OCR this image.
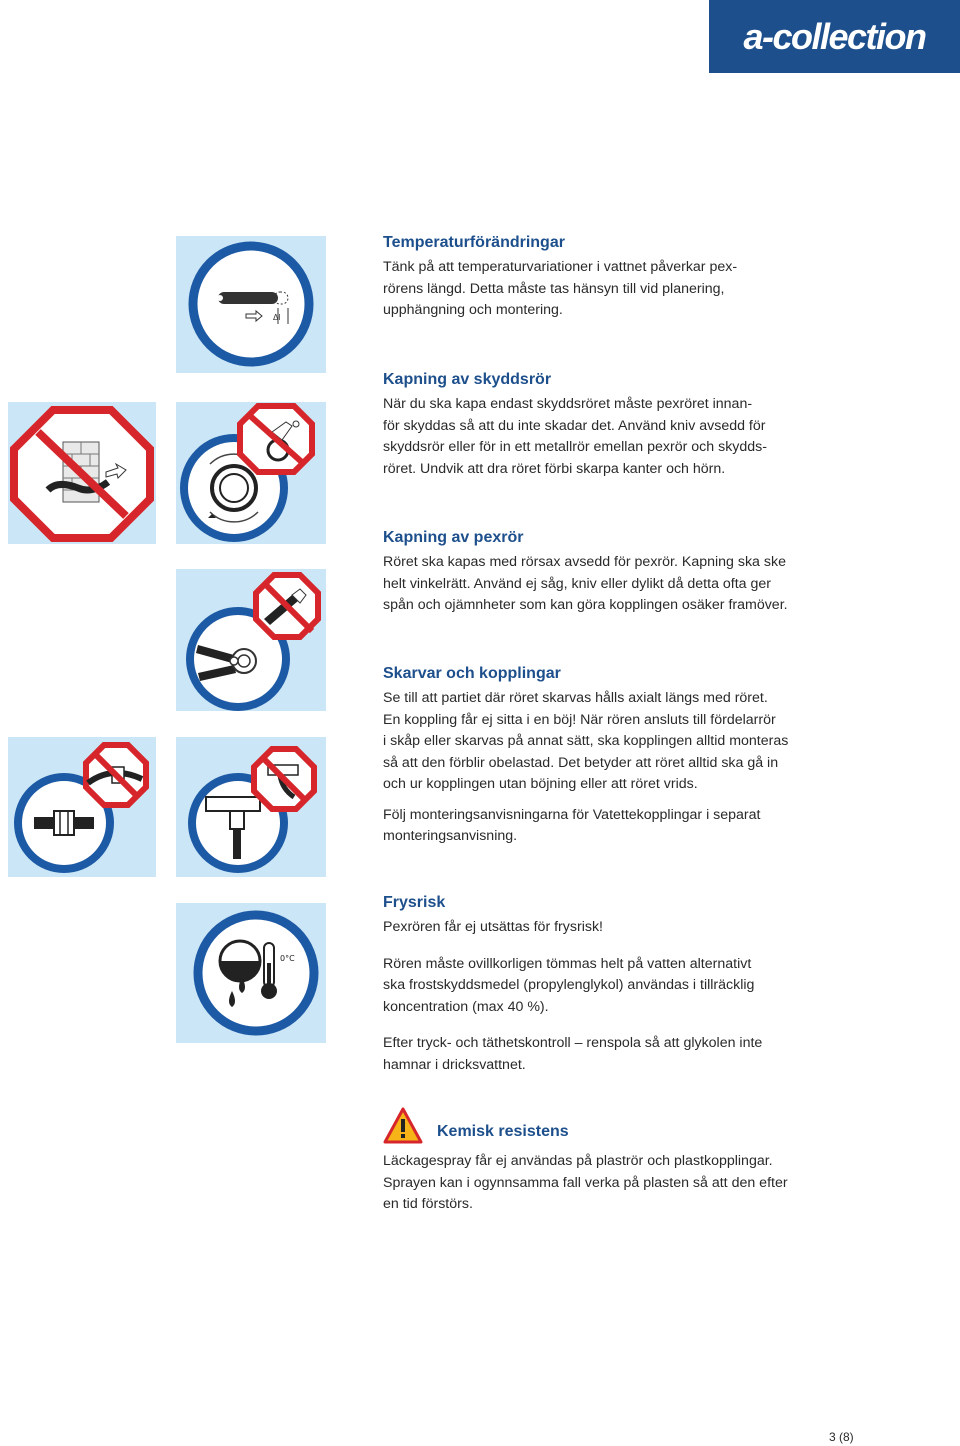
a-collection
Δl
0°C
Temperaturförändringar

Tänk på att temperaturvariationer i vattnet påverkar pex-
rörens längd. Detta måste tas hänsyn till vid planering,
upphängning och montering.

Kapning av skyddsrör

När du ska kapa endast skyddsröret måste pexröret innan-
för skyddas så att du inte skadar det. Använd kniv avsedd för
skyddsrör eller för in ett metallrör emellan pexrör och skydds-
röret. Undvik att dra röret förbi skarpa kanter och hörn.

Kapning av pexrör

Röret ska kapas med rörsax avsedd för pexrör. Kapning ska ske
helt vinkelrätt. Använd ej såg, kniv eller dylikt då detta ofta ger
spån och ojämnheter som kan göra kopplingen osäker framöver.

Skarvar och kopplingar

Se till att partiet där röret skarvas hålls axialt längs med röret.
En koppling får ej sitta i en böj! När rören ansluts till fördelarrör
i skåp eller skarvas på annat sätt, ska kopplingen alltid monteras
så att den förblir obelastad. Det betyder att röret alltid ska gå in
och ur kopplingen utan böjning eller att röret vrids.

Följ monteringsanvisningarna för Vatettekopplingar i separat
monteringsanvisning.

Frysrisk

Pexrören får ej utsättas för frysrisk!

Rören måste ovillkorligen tömmas helt på vatten alternativt
ska frostskyddsmedel (propylenglykol) användas i tillräcklig
koncentration (max 40 %).

Efter tryck- och täthetskontroll – renspola så att glykolen inte
hamnar i dricksvattnet.

Kemisk resistens

Läckagespray får ej användas på plaströr och plastkopplingar.
Sprayen kan i ogynnsamma fall verka på plasten så att den efter
en tid förstörs.

3 (8)
